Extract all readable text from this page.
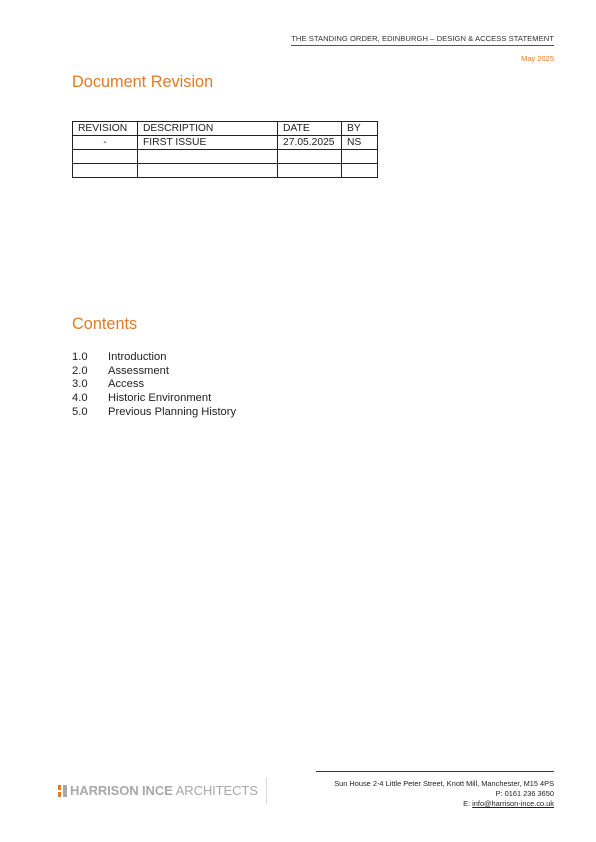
THE STANDING ORDER, EDINBURGH – DESIGN & ACCESS STATEMENT
May 2025
Document Revision
REVISION	DESCRIPTION	DATE	BY
-	FIRST ISSUE	27.05.2025	NS

Contents
1.0 Introduction
2.0 Assessment
3.0 Access
4.0 Historic Environment
5.0 Previous Planning History
HARRISON INCE ARCHITECTS	Sun House 2-4 Little Peter Street, Knott Mill, Manchester, M15 4PS
P: 0161 236 3650
E: info@harrison-ince.co.uk
